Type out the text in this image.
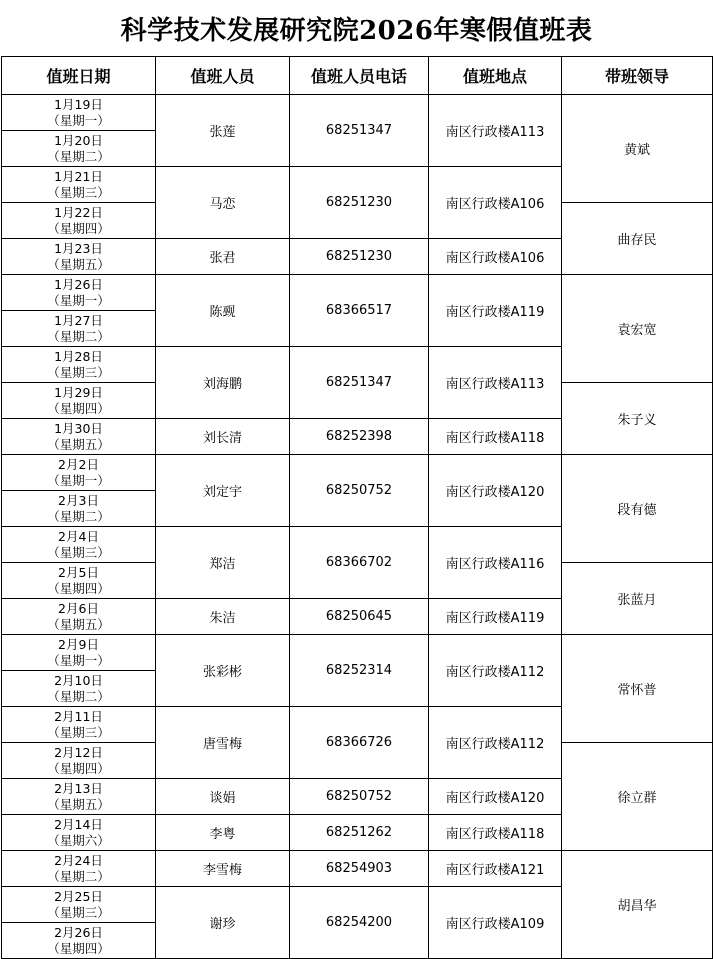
科学技术发展研究院2026年寒假值班表
值班日期	值班人员	值班人员电话	值班地点	带班领导

1月19日
（星期一）	张莲	68251347	南区行政楼A113	黄斌

1月20日
（星期二）				

1月21日
（星期三）	马恋	68251230	南区行政楼A106	

1月22日
（星期四）				曲存民

1月23日
（星期五）	张君	68251230	南区行政楼A106	

1月26日
（星期一）	陈觋	68366517	南区行政楼A119	袁宏宽

1月27日
（星期二）				

1月28日
（星期三）	刘海鹏	68251347	南区行政楼A113	

1月29日
（星期四）				朱子义

1月30日
（星期五）	刘长清	68252398	南区行政楼A118	

2月2日
（星期一）	刘定宇	68250752	南区行政楼A120	段有德

2月3日
（星期二）				

2月4日
（星期三）	郑洁	68366702	南区行政楼A116	

2月5日
（星期四）				张蓝月

2月6日
（星期五）	朱洁	68250645	南区行政楼A119	

2月9日
（星期一）	张彩彬	68252314	南区行政楼A112	常怀普

2月10日
（星期二）				

2月11日
（星期三）	唐雪梅	68366726	南区行政楼A112	

2月12日
（星期四）				徐立群

2月13日
（星期五）	谈娟	68250752	南区行政楼A120	

2月14日
（星期六）	李粤	68251262	南区行政楼A118	

2月24日
（星期二）	李雪梅	68254903	南区行政楼A121	胡昌华

2月25日
（星期三）	谢珍	68254200	南区行政楼A109	

2月26日
（星期四）				
